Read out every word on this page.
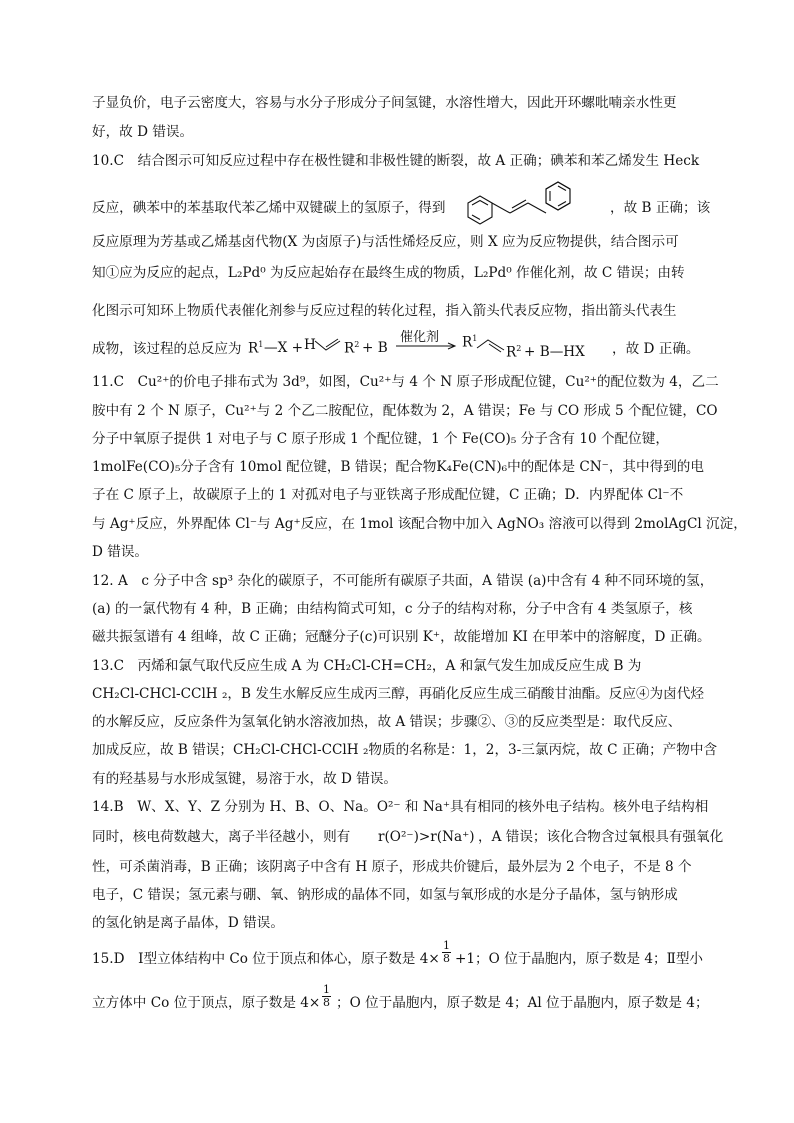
子显负价，电子云密度大，容易与水分子形成分子间氢键，水溶性增大，因此开环螺吡喃亲水性更
好，故 D 错误。
10.C　结合图示可知反应过程中存在极性键和非极性键的断裂，故 A 正确；碘苯和苯乙烯发生 Heck
反应，碘苯中的苯基取代苯乙烯中双键碳上的氢原子，得到	，故 B 正确；该
反应原理为芳基或乙烯基卤代物(X 为卤原子)与活性烯烃反应，则 X 应为反应物提供，结合图示可
知①应为反应的起点，L₂Pd⁰ 为反应起始存在最终生成的物质，L₂Pd⁰ 作催化剂，故 C 错误；由转
化图示可知环上物质代表催化剂参与反应过程的转化过程，指入箭头代表反应物，指出箭头代表生
成物，该过程的总反应为 $R^1$ —X + H $R^2 + B$
催化剂 $R^1$
$R^2$ + B—HX ，故 D 正确。
11.C　Cu²⁺的价电子排布式为 3d⁹，如图，Cu²⁺与 4 个 N 原子形成配位键，Cu²⁺的配位数为 4，乙二
胺中有 2 个 N 原子，Cu²⁺与 2 个乙二胺配位，配体数为 2，A 错误；Fe 与 CO 形成 5 个配位键，CO
分子中氧原子提供 1 对电子与 C 原子形成 1 个配位键，1 个 Fe(CO)₅ 分子含有 10 个配位键，
1molFe(CO)₅分子含有 10mol 配位键，B 错误；配合物K₄Fe(CN)₆中的配体是 CN⁻，其中得到的电
子在 C 原子上，故碳原子上的 1 对孤对电子与亚铁离子形成配位键，C 正确；D．内界配体 Cl⁻不
与 Ag⁺反应，外界配体 Cl⁻与 Ag⁺反应，在 1mol 该配合物中加入 AgNO₃ 溶液可以得到 2molAgCl 沉淀，
D 错误。
12. A　c 分子中含 sp³ 杂化的碳原子，不可能所有碳原子共面，A 错误 (a)中含有 4 种不同环境的氢，
(a) 的一氯代物有 4 种，B 正确；由结构简式可知，c 分子的结构对称，分子中含有 4 类氢原子，核
磁共振氢谱有 4 组峰，故 C 正确；冠醚分子(c)可识别 K⁺，故能增加 KI 在甲苯中的溶解度，D 正确。
13.C　丙烯和氯气取代反应生成 A 为 CH₂Cl-CH=CH₂，A 和氯气发生加成反应生成 B 为
CH₂Cl-CHCl-CClH ₂，B 发生水解反应生成丙三醇，再硝化反应生成三硝酸甘油酯。反应④为卤代烃
的水解反应，反应条件为氢氧化钠水溶液加热，故 A 错误；步骤②、③的反应类型是：取代反应、
加成反应，故 B 错误；CH₂Cl-CHCl-CClH ₂物质的名称是：1，2，3-三氯丙烷，故 C 正确；产物中含
有的羟基易与水形成氢键，易溶于水，故 D 错误。
14.B　W、X、Y、Z 分别为 H、B、O、Na。O²⁻ 和 Na⁺具有相同的核外电子结构。核外电子结构相
同时，核电荷数越大，离子半径越小，则有 r(O²⁻)>r(Na⁺) ，A 错误；该化合物含过氧根具有强氧化
性，可杀菌消毒，B 正确；该阴离子中含有 H 原子，形成共价键后，最外层为 2 个电子，不是 8 个
电子，C 错误；氢元素与硼、氧、钠形成的晶体不同，如氢与氧形成的水是分子晶体，氢与钠形成
的氢化钠是离子晶体，D 错误。
15.D　Ⅰ型立体结构中 Co 位于顶点和体心，原子数是 $4\times \frac{1}{8} +1$；O 位于晶胞内，原子数是 4；Ⅱ型小
立方体中 Co 位于顶点，原子数是 $4\times \frac{1}{8}$ ；O 位于晶胞内，原子数是 4；Al 位于晶胞内，原子数是 4；
